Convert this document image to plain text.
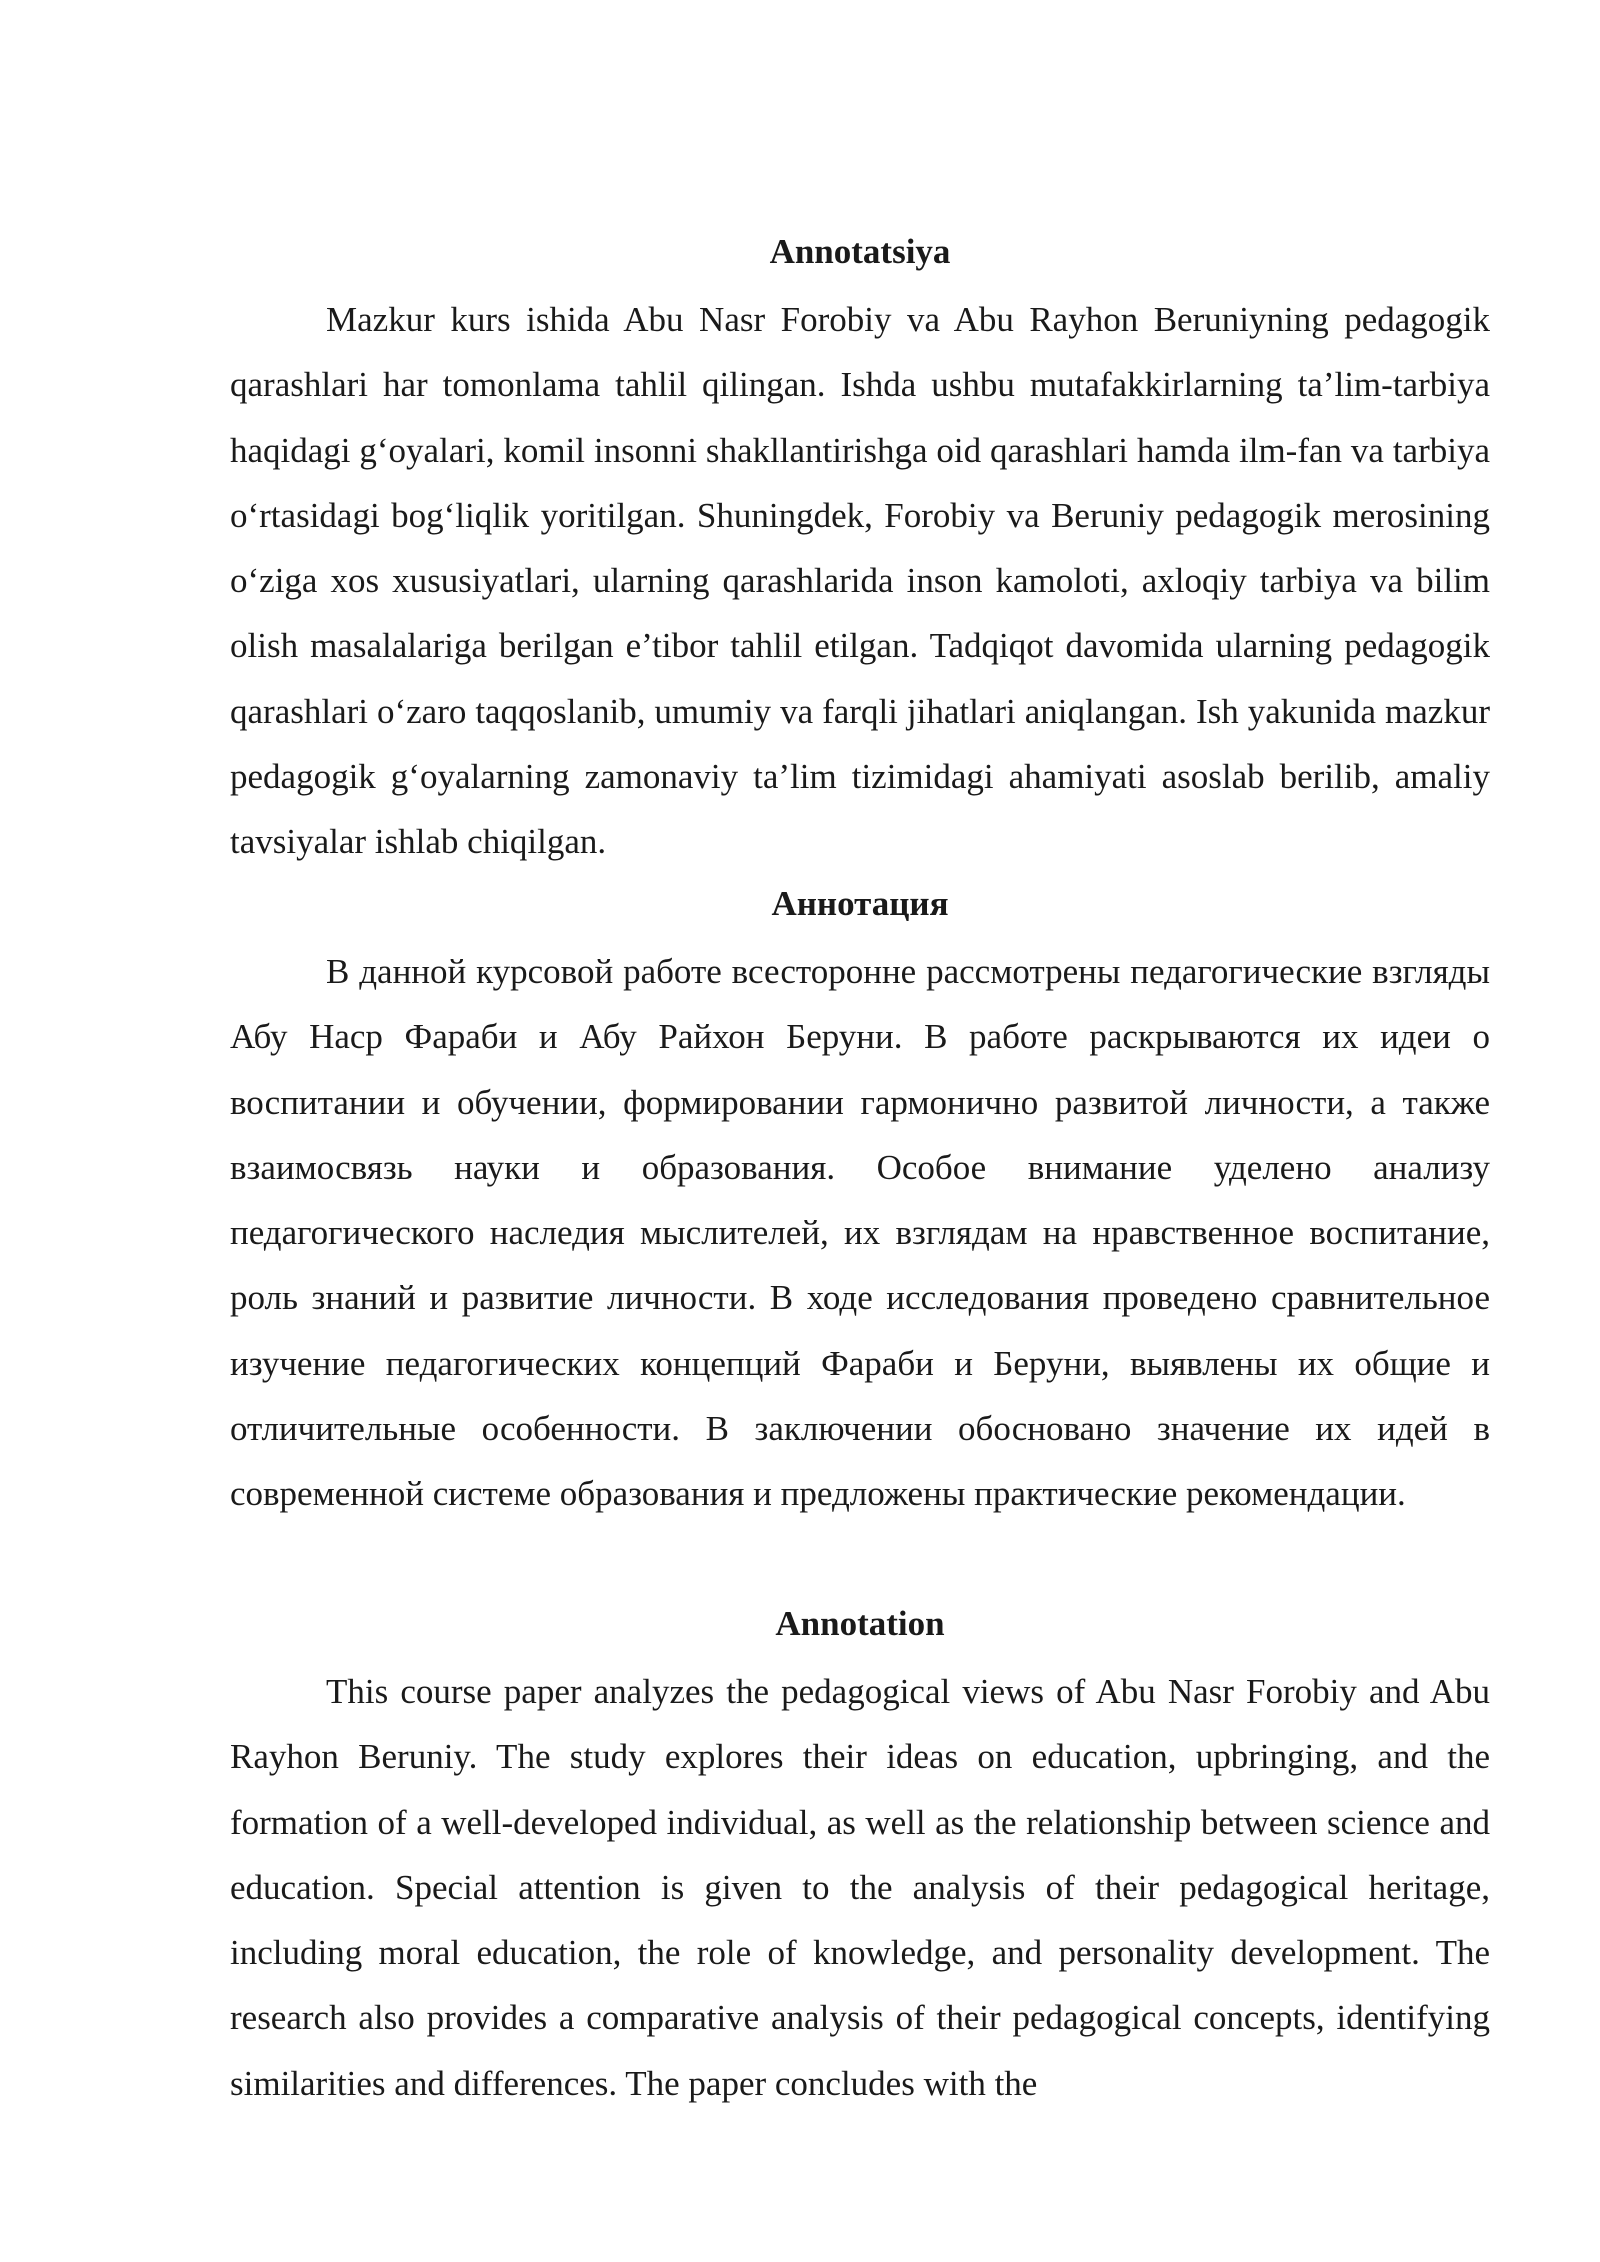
Annotatsiya

Mazkur kurs ishida Abu Nasr Forobiy va Abu Rayhon Beruniyning pedagogik qarashlari har tomonlama tahlil qilingan. Ishda ushbu mutafakkirlarning ta’lim-tarbiya haqidagi g‘oyalari, komil insonni shakllantirishga oid qarashlari hamda ilm-fan va tarbiya o‘rtasidagi bog‘liqlik yoritilgan. Shuningdek, Forobiy va Beruniy pedagogik merosining o‘ziga xos xususiyatlari, ularning qarashlarida inson kamoloti, axloqiy tarbiya va bilim olish masalalariga berilgan e’tibor tahlil etilgan. Tadqiqot davomida ularning pedagogik qarashlari o‘zaro taqqoslanib, umumiy va farqli jihatlari aniqlangan. Ish yakunida mazkur pedagogik g‘oyalarning zamonaviy ta’lim tizimidagi ahamiyati asoslab berilib, amaliy tavsiyalar ishlab chiqilgan.

Аннотация

В данной курсовой работе всесторонне рассмотрены педагогические взгляды Абу Наср Фараби и Абу Райхон Беруни. В работе раскрываются их идеи о воспитании и обучении, формировании гармонично развитой личности, а также взаимосвязь науки и образования. Особое внимание уделено анализу педагогического наследия мыслителей, их взглядам на нравственное воспитание, роль знаний и развитие личности. В ходе исследования проведено сравнительное изучение педагогических концепций Фараби и Беруни, выявлены их общие и отличительные особенности. В заключении обосновано значение их идей в современной системе образования и предложены практические рекомендации.

Annotation

This course paper analyzes the pedagogical views of Abu Nasr Forobiy and Abu Rayhon Beruniy. The study explores their ideas on education, upbringing, and the formation of a well-developed individual, as well as the relationship between science and education. Special attention is given to the analysis of their pedagogical heritage, including moral education, the role of knowledge, and personality development. The research also provides a comparative analysis of their pedagogical concepts, identifying similarities and differences. The paper concludes with the
